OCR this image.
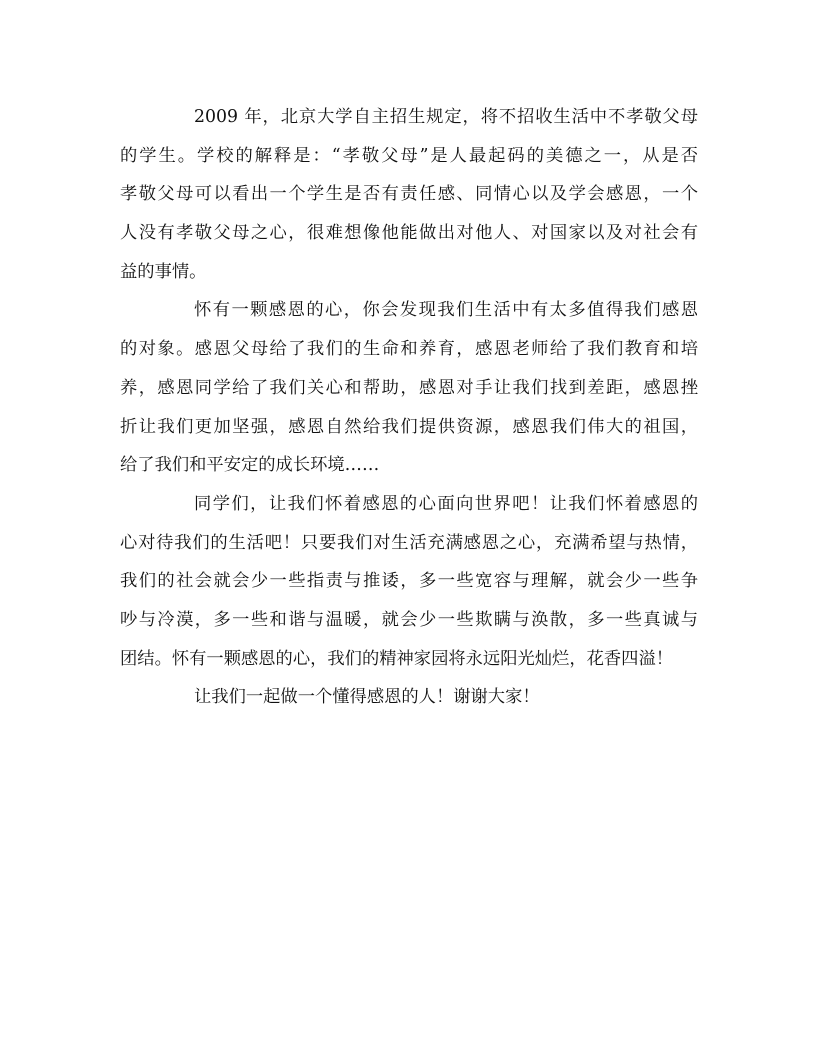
2009 年，北京大学自主招生规定，将不招收生活中不孝敬父母
的学生。学校的解释是：“孝敬父母”是人最起码的美德之一，从是否
孝敬父母可以看出一个学生是否有责任感、同情心以及学会感恩，一个
人没有孝敬父母之心，很难想像他能做出对他人、对国家以及对社会有
益的事情。
怀有一颗感恩的心，你会发现我们生活中有太多值得我们感恩
的对象。感恩父母给了我们的生命和养育，感恩老师给了我们教育和培
养，感恩同学给了我们关心和帮助，感恩对手让我们找到差距，感恩挫
折让我们更加坚强，感恩自然给我们提供资源，感恩我们伟大的祖国，
给了我们和平安定的成长环境……
同学们，让我们怀着感恩的心面向世界吧！让我们怀着感恩的
心对待我们的生活吧！只要我们对生活充满感恩之心，充满希望与热情，
我们的社会就会少一些指责与推诿，多一些宽容与理解，就会少一些争
吵与冷漠，多一些和谐与温暖，就会少一些欺瞒与涣散，多一些真诚与
团结。怀有一颗感恩的心，我们的精神家园将永远阳光灿烂，花香四溢！
让我们一起做一个懂得感恩的人！谢谢大家！
